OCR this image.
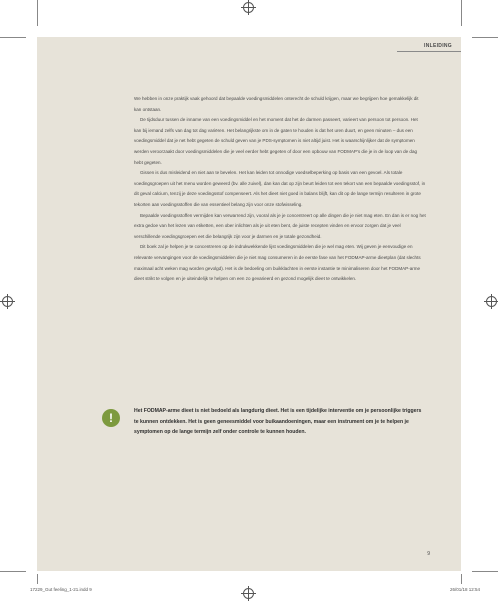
INLEIDING

We hebben in onze praktijk vaak gehoord dat bepaalde voedingsmiddelen onterecht de schuld krijgen, maar we begrijpen hoe gemakkelijk dit kan ontstaan.

De tijdsduur tussen de inname van een voedingsmiddel en het moment dat het de darmen passeert, varieert van persoon tot persoon. Het kan bij iemand zelfs van dag tot dag variëren. Het belangrijkste om in de gaten te houden is dat het uren duurt, en geen minuten – dus een voedingsmiddel dat je net hebt gegeten de schuld geven van je PDS-symptomen is niet altijd juist. Het is waarschijnlijker dat de symptomen werden veroorzaakt door voedingsmiddelen die je veel eerder hebt gegeten of door een opbouw van FODMAP’s die je in de loop van de dag hebt gegeten.

Gissen is dus misleidend en niet aan te bevelen. Het kan leiden tot onnodige voedselbeperking op basis van een gevoel. Als totale voedingsgroepen uit het menu worden geweerd (bv. alle zuivel), dan kan dat op zijn beurt leiden tot een tekort van een bepaalde voedingsstof, in dit geval calcium, tenzij je deze voedingsstof compenseert. Als het dieet niet goed in balans blijft, kan dit op de lange termijn resulteren in grote tekorten aan voedingsstoffen die van essentieel belang zijn voor onze stofwisseling.

Bepaalde voedingsstoffen vermijden kan verwarrend zijn, vooral als je je concentreert op alle dingen die je niet mag eten. En dan is er nog het extra gedoe van het lezen van etiketten, een ober inlichten als je uit eten bent, de juiste recepten vinden en ervoor zorgen dat je veel verschillende voedingsgroepen eet die belangrijk zijn voor je darmen en je totale gezondheid.

Dit boek zal je helpen je te concentreren op de indrukwekkende lijst voedingsmiddelen die je wel mag eten. Wij geven je eenvoudige en relevante vervangingen voor de voedingsmiddelen die je niet mag consumeren in de eerste fase van het FODMAP-arme dieetplan (dat slechts maximaal acht weken mag worden gevolgd). Het is de bedoeling om buikklachten in eerste instantie te minimaliseren door het FODMAP-arme dieet strikt te volgen en je uiteindelijk te helpen om een zo gevarieerd en gezond mogelijk dieet te ontwikkelen.

!	Het FODMAP-arme dieet is niet bedoeld als langdurig dieet. Het is een tijdelijke interventie om je persoonlijke triggers te kunnen ontdekken. Het is geen geneesmiddel voor buikaandoeningen, maar een instrument om je te helpen je symptomen op de lange termijn zelf onder controle te kunnen houden.

9
17229_Gut feeling_1-21.indd 9	26/01/18 12:54
